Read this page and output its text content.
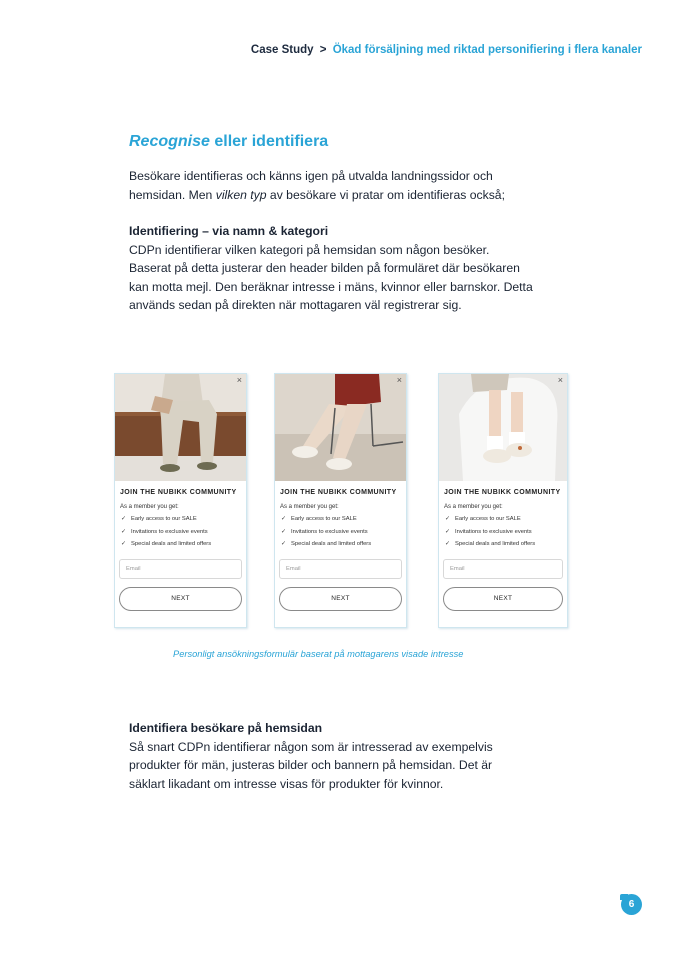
Case Study > Ökad försäljning med riktad personifiering i flera kanaler
Recognise eller identifiera
Besökare identifieras och känns igen på utvalda landningssidor och
hemsidan. Men vilken typ av besökare vi pratar om identifieras också;
Identifiering – via namn & kategori
CDPn identifierar vilken kategori på hemsidan som någon besöker.
Baserat på detta justerar den header bilden på formuläret där besökaren
kan motta mejl. Den beräknar intresse i mäns, kvinnor eller barnskor. Detta
används sedan på direkten när mottagaren väl registrerar sig.
×
JOIN THE NUBIKK COMMUNITY
As a member you get:
✓ Early access to our SALE
✓ Invitations to exclusive events
✓ Special deals and limited offers
Email
NEXT
×
JOIN THE NUBIKK COMMUNITY
As a member you get:
✓ Early access to our SALE
✓ Invitations to exclusive events
✓ Special deals and limited offers
Email
NEXT
×
JOIN THE NUBIKK COMMUNITY
As a member you get:
✓ Early access to our SALE
✓ Invitations to exclusive events
✓ Special deals and limited offers
Email
NEXT
Personligt ansökningsformulär baserat på mottagarens visade intresse
Identifiera besökare på hemsidan
Så snart CDPn identifierar någon som är intresserad av exempelvis
produkter för män, justeras bilder och bannern på hemsidan. Det är
säklart likadant om intresse visas för produkter för kvinnor.
6
